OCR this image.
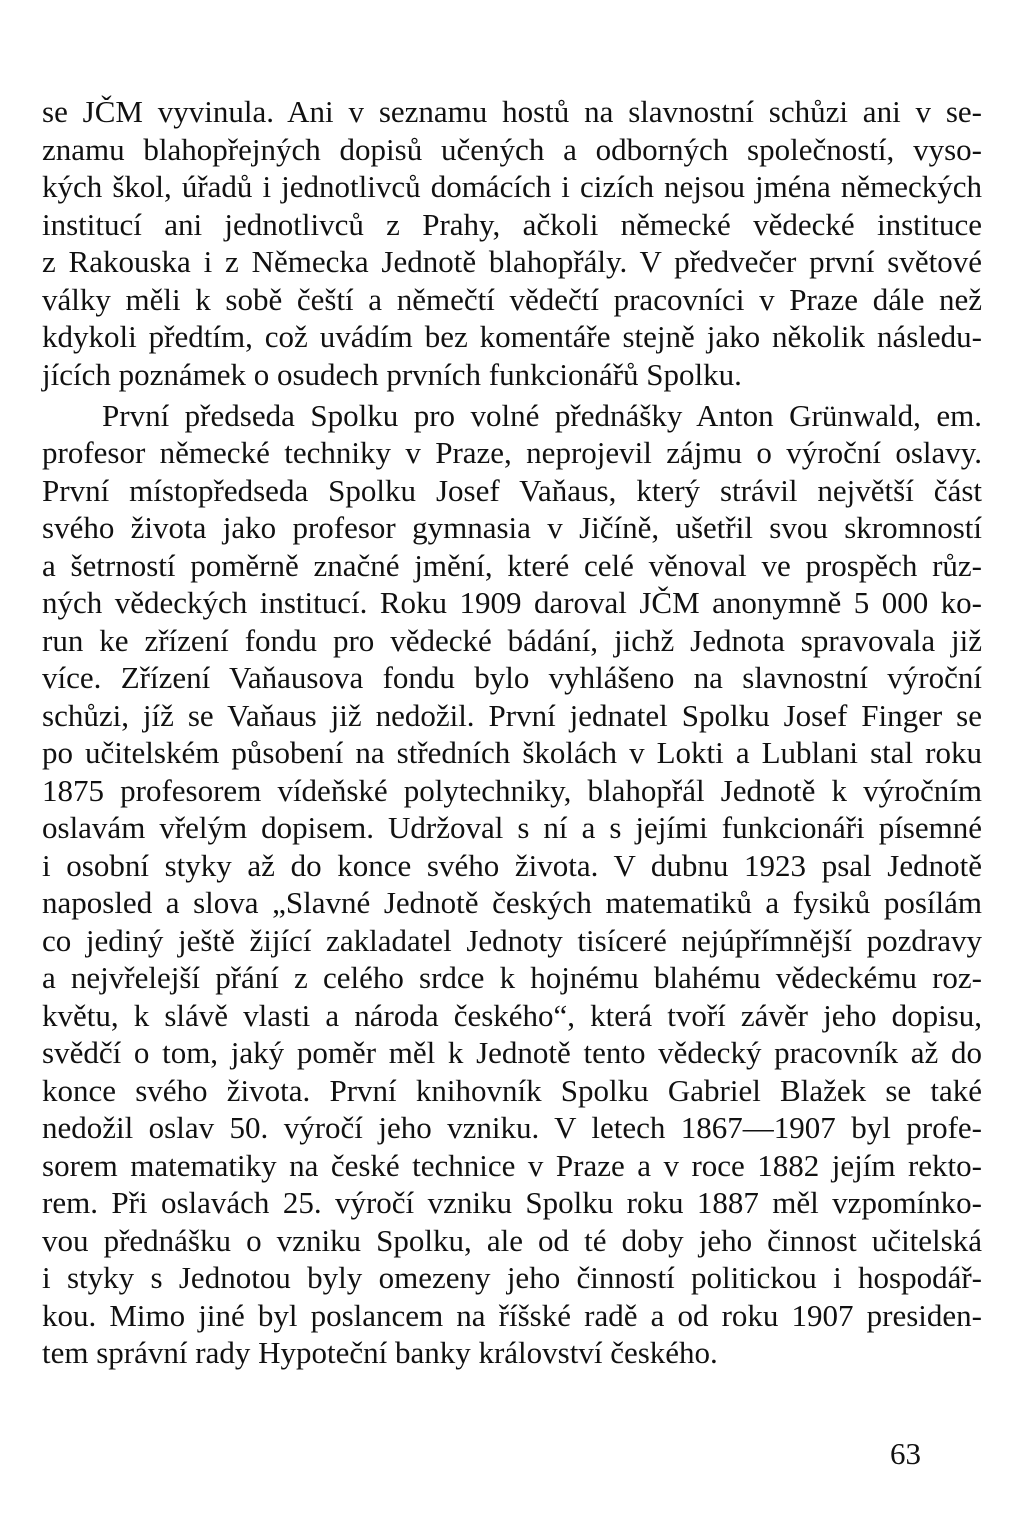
se JČM vyvinula. Ani v seznamu hostů na slavnostní schůzi ani v se-
znamu blahopřejných dopisů učených a odborných společností, vyso-
kých škol, úřadů i jednotlivců domácích i cizích nejsou jména německých
institucí ani jednotlivců z Prahy, ačkoli německé vědecké instituce
z Rakouska i z Německa Jednotě blahopřály. V předvečer první světové
války měli k sobě čeští a němečtí vědečtí pracovníci v Praze dále než
kdykoli předtím, což uvádím bez komentáře stejně jako několik následu-
jících poznámek o osudech prvních funkcionářů Spolku.
První předseda Spolku pro volné přednášky Anton Grünwald, em.
profesor německé techniky v Praze, neprojevil zájmu o výroční oslavy.
První místopředseda Spolku Josef Vaňaus, který strávil největší část
svého života jako profesor gymnasia v Jičíně, ušetřil svou skromností
a šetrností poměrně značné jmění, které celé věnoval ve prospěch růz-
ných vědeckých institucí. Roku 1909 daroval JČM anonymně 5 000 ko-
run ke zřízení fondu pro vědecké bádání, jichž Jednota spravovala již
více. Zřízení Vaňausova fondu bylo vyhlášeno na slavnostní výroční
schůzi, jíž se Vaňaus již nedožil. První jednatel Spolku Josef Finger se
po učitelském působení na středních školách v Lokti a Lublani stal roku
1875 profesorem vídeňské polytechniky, blahopřál Jednotě k výročním
oslavám vřelým dopisem. Udržoval s ní a s jejími funkcionáři písemné
i osobní styky až do konce svého života. V dubnu 1923 psal Jednotě
naposled a slova „Slavné Jednotě českých matematiků a fysiků posílám
co jediný ještě žijící zakladatel Jednoty tisíceré nejúpřímnější pozdravy
a nejvřelejší přání z celého srdce k hojnému blahému vědeckému roz-
květu, k slávě vlasti a národa českého“, která tvoří závěr jeho dopisu,
svědčí o tom, jaký poměr měl k Jednotě tento vědecký pracovník až do
konce svého života. První knihovník Spolku Gabriel Blažek se také
nedožil oslav 50. výročí jeho vzniku. V letech 1867—1907 byl profe-
sorem matematiky na české technice v Praze a v roce 1882 jejím rekto-
rem. Při oslavách 25. výročí vzniku Spolku roku 1887 měl vzpomínko-
vou přednášku o vzniku Spolku, ale od té doby jeho činnost učitelská
i styky s Jednotou byly omezeny jeho činností politickou i hospodář-
kou. Mimo jiné byl poslancem na říšské radě a od roku 1907 presiden-
tem správní rady Hypoteční banky království českého.
63
